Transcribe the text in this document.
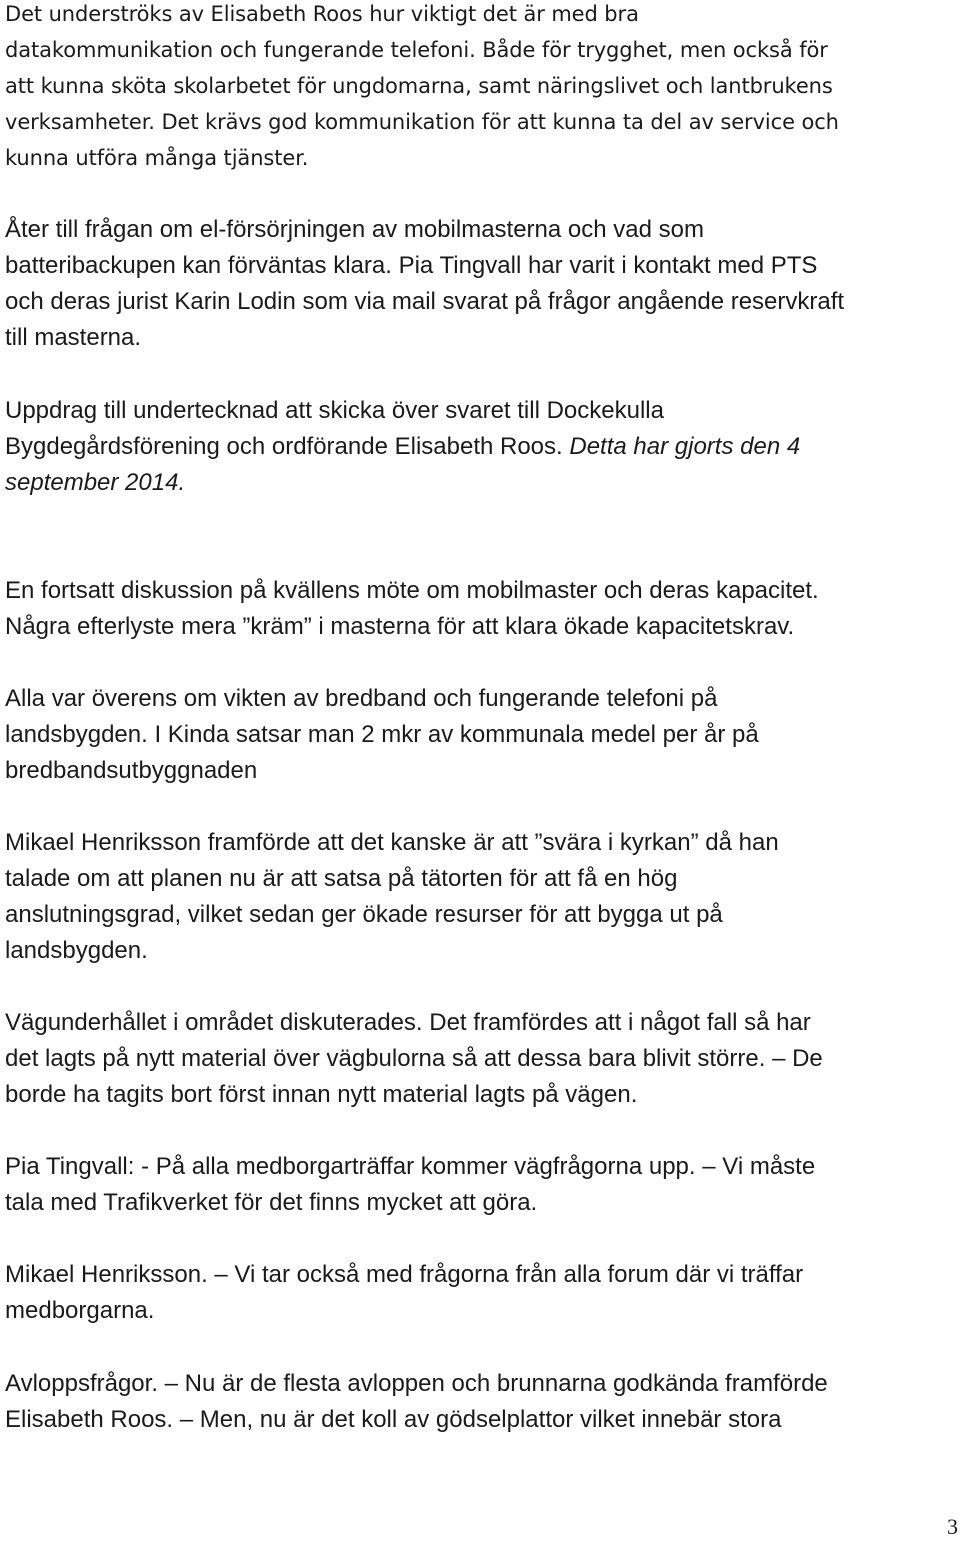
Det underströks av Elisabeth Roos hur viktigt det är med bra
datakommunikation och fungerande telefoni. Både för trygghet, men också för
att kunna sköta skolarbetet för ungdomarna, samt näringslivet och lantbrukens
verksamheter. Det krävs god kommunikation för att kunna ta del av service och
kunna utföra många tjänster.

Åter till frågan om el-försörjningen av mobilmasterna och vad som
batteribackupen kan förväntas klara. Pia Tingvall har varit i kontakt med PTS
och deras jurist Karin Lodin som via mail svarat på frågor angående reservkraft
till masterna.

Uppdrag till undertecknad att skicka över svaret till Dockekulla
Bygdegårdsförening och ordförande Elisabeth Roos. Detta har gjorts den 4
september 2014.

En fortsatt diskussion på kvällens möte om mobilmaster och deras kapacitet.
Några efterlyste mera ”kräm” i masterna för att klara ökade kapacitetskrav.

Alla var överens om vikten av bredband och fungerande telefoni på
landsbygden. I Kinda satsar man 2 mkr av kommunala medel per år på
bredbandsutbyggnaden

Mikael Henriksson framförde att det kanske är att ”svära i kyrkan” då han
talade om att planen nu är att satsa på tätorten för att få en hög
anslutningsgrad, vilket sedan ger ökade resurser för att bygga ut på
landsbygden.

Vägunderhållet i området diskuterades. Det framfördes att i något fall så har
det lagts på nytt material över vägbulorna så att dessa bara blivit större. – De
borde ha tagits bort först innan nytt material lagts på vägen.

Pia Tingvall: - På alla medborgarträffar kommer vägfrågorna upp. – Vi måste
tala med Trafikverket för det finns mycket att göra.

Mikael Henriksson. – Vi tar också med frågorna från alla forum där vi träffar
medborgarna.

Avloppsfrågor. – Nu är de flesta avloppen och brunnarna godkända framförde
Elisabeth Roos. – Men, nu är det koll av gödselplattor vilket innebär stora

3
